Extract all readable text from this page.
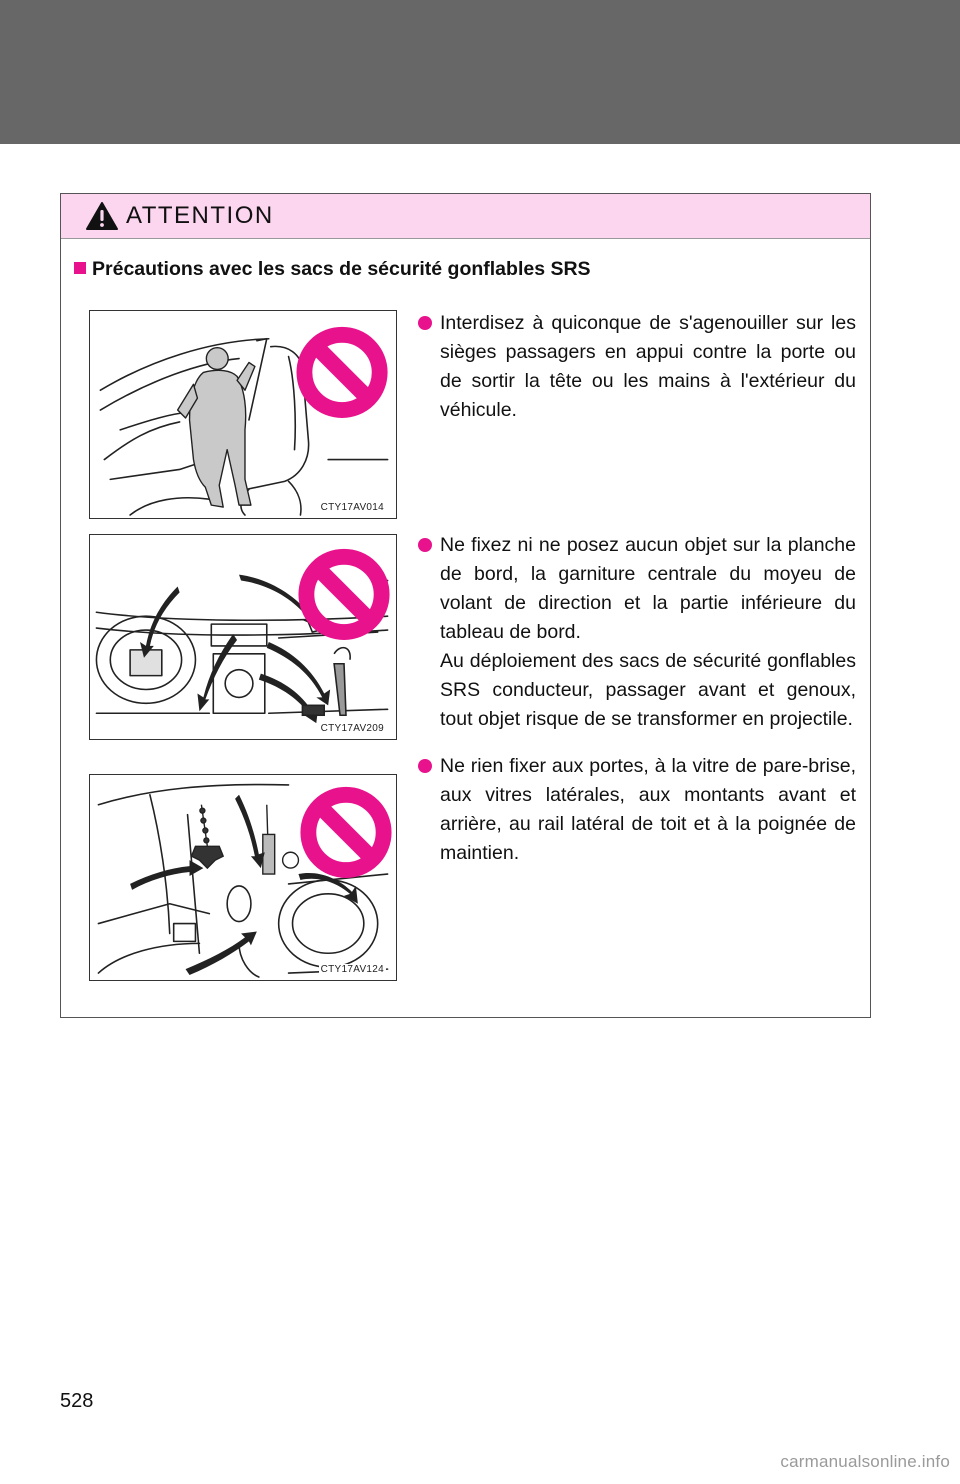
ATTENTION
Précautions avec les sacs de sécurité gonflables SRS
CTY17AV014
CTY17AV209
CTY17AV124

Interdisez à quiconque de s'agenouiller sur les sièges passagers en appui contre la porte ou de sortir la tête ou les mains à l'extérieur du véhicule.

Ne fixez ni ne posez aucun objet sur la planche de bord, la garniture centrale du moyeu de volant de direction et la partie inférieure du tableau de bord.

Au déploiement des sacs de sécurité gonflables SRS conducteur, passager avant et genoux, tout objet risque de se transformer en projectile.

Ne rien fixer aux portes, à la vitre de pare-brise, aux vitres latérales, aux montants avant et arrière, au rail latéral de toit et à la poignée de maintien.

528
carmanualsonline.info
